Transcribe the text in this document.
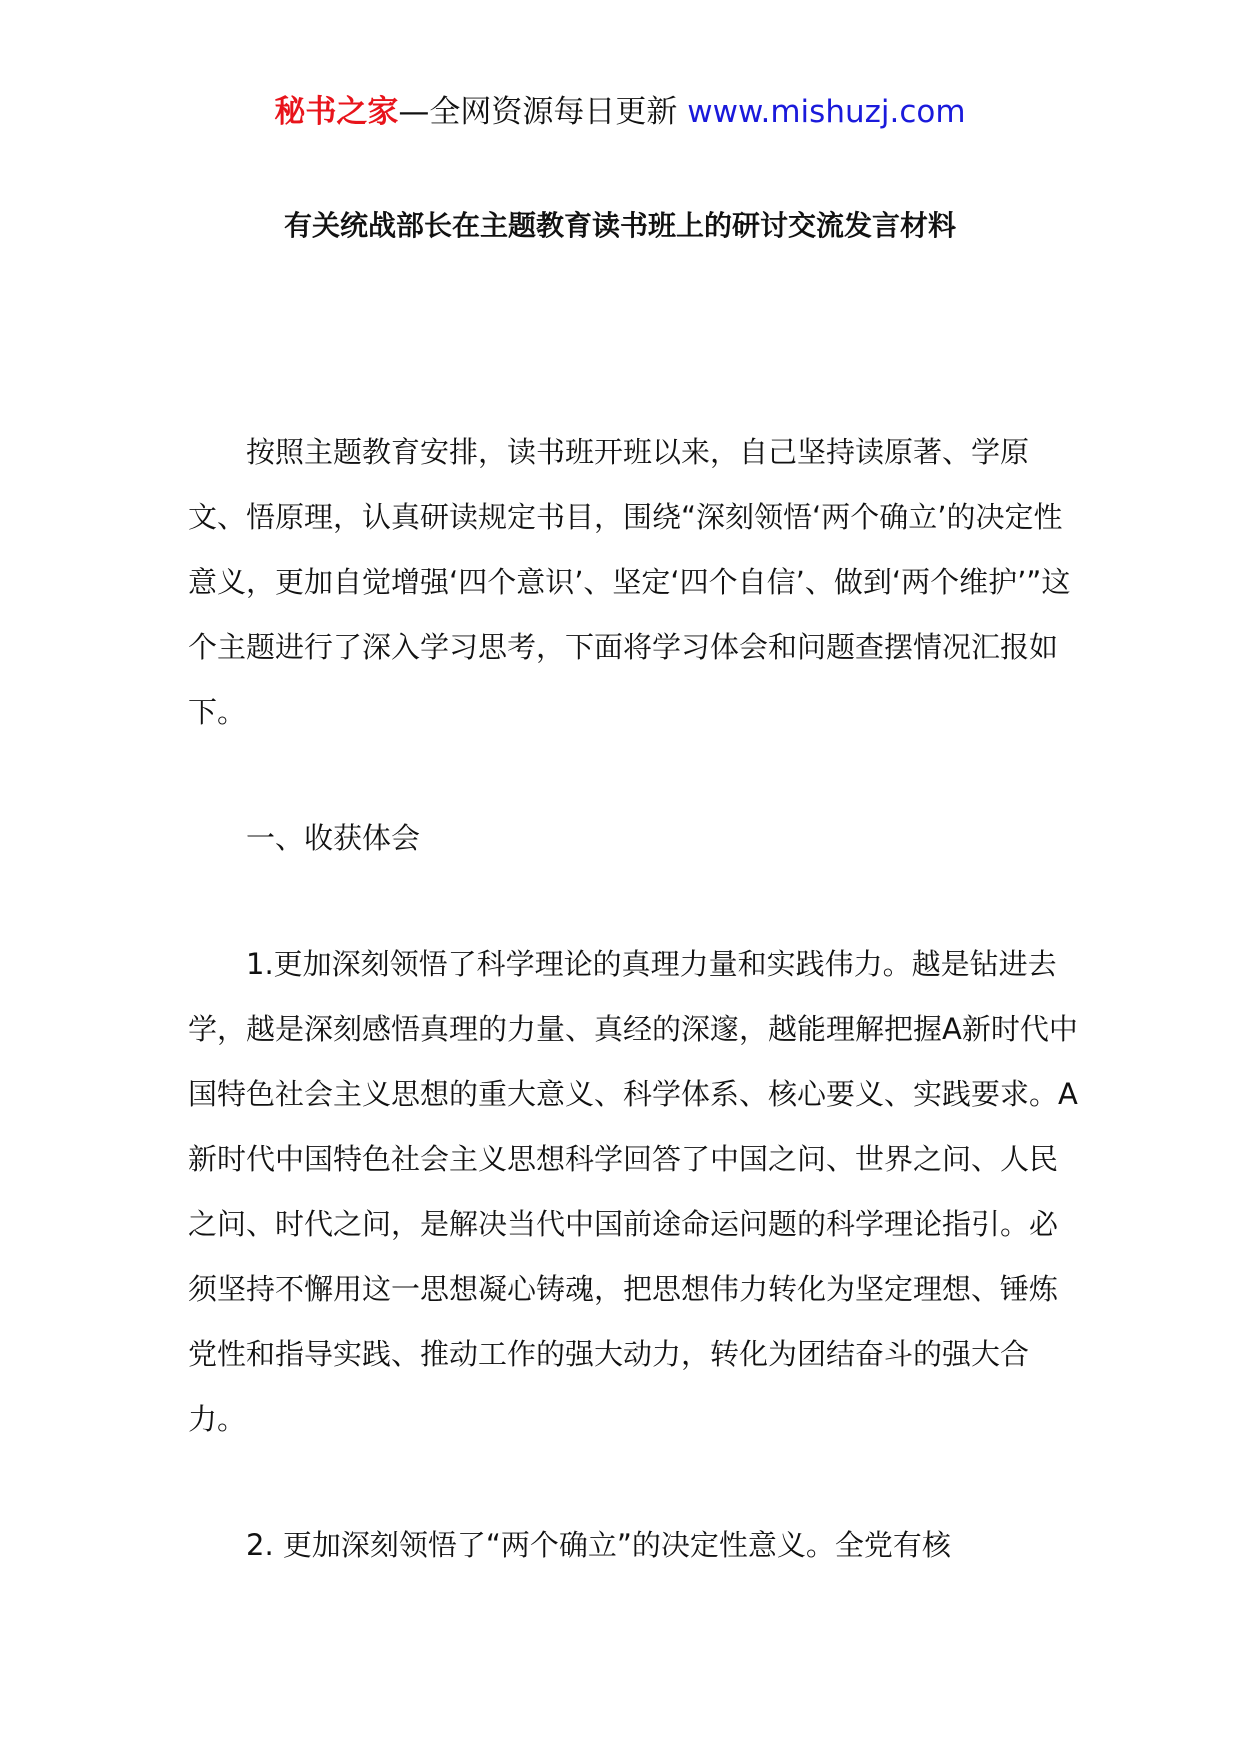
秘书之家—全网资源每日更新 www.mishuzj.com
有关统战部长在主题教育读书班上的研讨交流发言材料

按照主题教育安排，读书班开班以来，自己坚持读原著、学原文、悟原理，认真研读规定书目，围绕“深刻领悟‘两个确立’的决定性意义，更加自觉增强‘四个意识’、坚定‘四个自信’、做到‘两个维护’”这个主题进行了深入学习思考，下面将学习体会和问题查摆情况汇报如下。

一、收获体会

1.更加深刻领悟了科学理论的真理力量和实践伟力。越是钻进去学，越是深刻感悟真理的力量、真经的深邃，越能理解把握A新时代中国特色社会主义思想的重大意义、科学体系、核心要义、实践要求。A新时代中国特色社会主义思想科学回答了中国之问、世界之问、人民之问、时代之问，是解决当代中国前途命运问题的科学理论指引。必须坚持不懈用这一思想凝心铸魂，把思想伟力转化为坚定理想、锤炼党性和指导实践、推动工作的强大动力，转化为团结奋斗的强大合力。

2. 更加深刻领悟了“两个确立”的决定性意义。全党有核
